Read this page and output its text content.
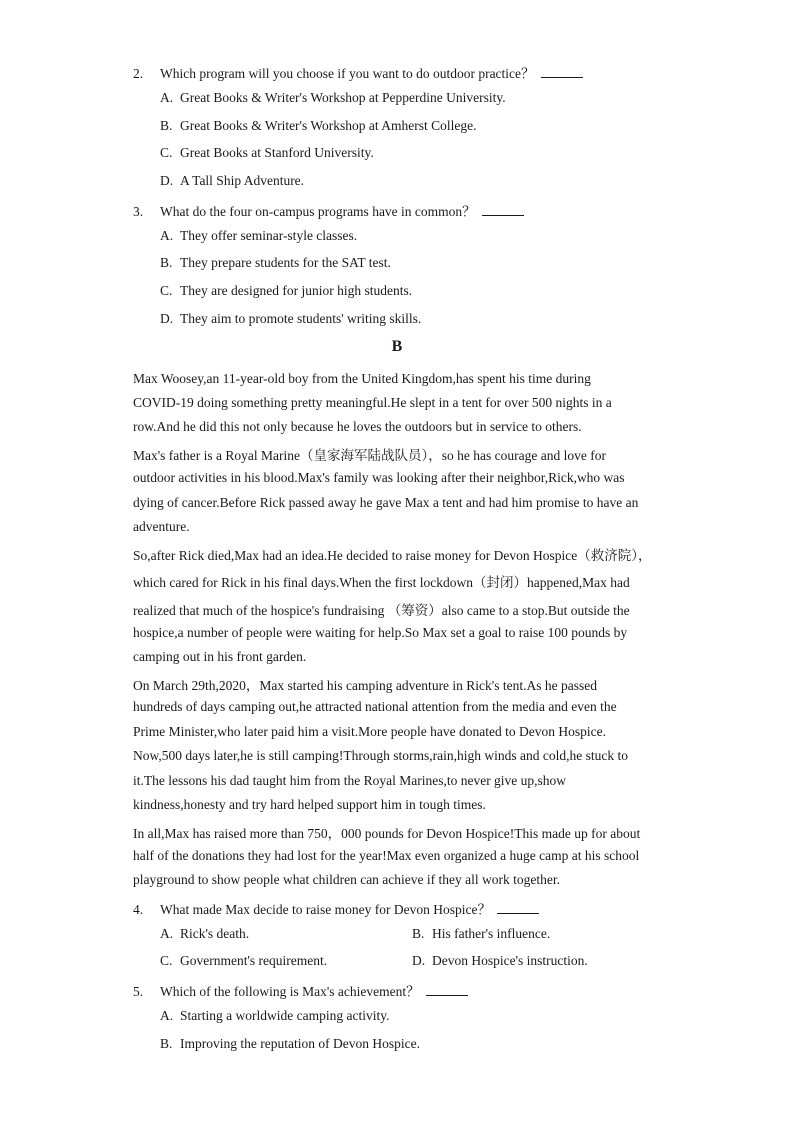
2. Which program will you choose if you want to do outdoor practice？
A. Great Books & Writer's Workshop at Pepperdine University.
B. Great Books & Writer's Workshop at Amherst College.
C. Great Books at Stanford University.
D. A Tall Ship Adventure.
3. What do the four on-campus programs have in common？
A. They offer seminar-style classes.
B. They prepare students for the SAT test.
C. They are designed for junior high students.
D. They aim to promote students' writing skills.
B
Max Woosey,an 11-year-old boy from the United Kingdom,has spent his time during
COVID-19 doing something pretty meaningful.He slept in a tent for over 500 nights in a
row.And he did this not only because he loves the outdoors but in service to others.
Max's father is a Royal Marine（皇家海军陆战队员），so he has courage and love for
outdoor activities in his blood.Max's family was looking after their neighbor,Rick,who was
dying of cancer.Before Rick passed away he gave Max a tent and had him promise to have an
adventure.
So,after Rick died,Max had an idea.He decided to raise money for Devon Hospice（救济院），
which cared for Rick in his final days.When the first lockdown（封闭）happened,Max had
realized that much of the hospice's fundraising （筹资）also came to a stop.But outside the
hospice,a number of people were waiting for help.So Max set a goal to raise 100 pounds by
camping out in his front garden.
On March 29th,2020，Max started his camping adventure in Rick's tent.As he passed
hundreds of days camping out,he attracted national attention from the media and even the
Prime Minister,who later paid him a visit.More people have donated to Devon Hospice.
Now,500 days later,he is still camping!Through storms,rain,high winds and cold,he stuck to
it.The lessons his dad taught him from the Royal Marines,to never give up,show
kindness,honesty and try hard helped support him in tough times.
In all,Max has raised more than 750，000 pounds for Devon Hospice!This made up for about
half of the donations they had lost for the year!Max even organized a huge camp at his school
playground to show people what children can achieve if they all work together.
4. What made Max decide to raise money for Devon Hospice？
A. Rick's death.	B. His father's influence.
C. Government's requirement.	D. Devon Hospice's instruction.
5. Which of the following is Max's achievement？
A. Starting a worldwide camping activity.
B. Improving the reputation of Devon Hospice.
